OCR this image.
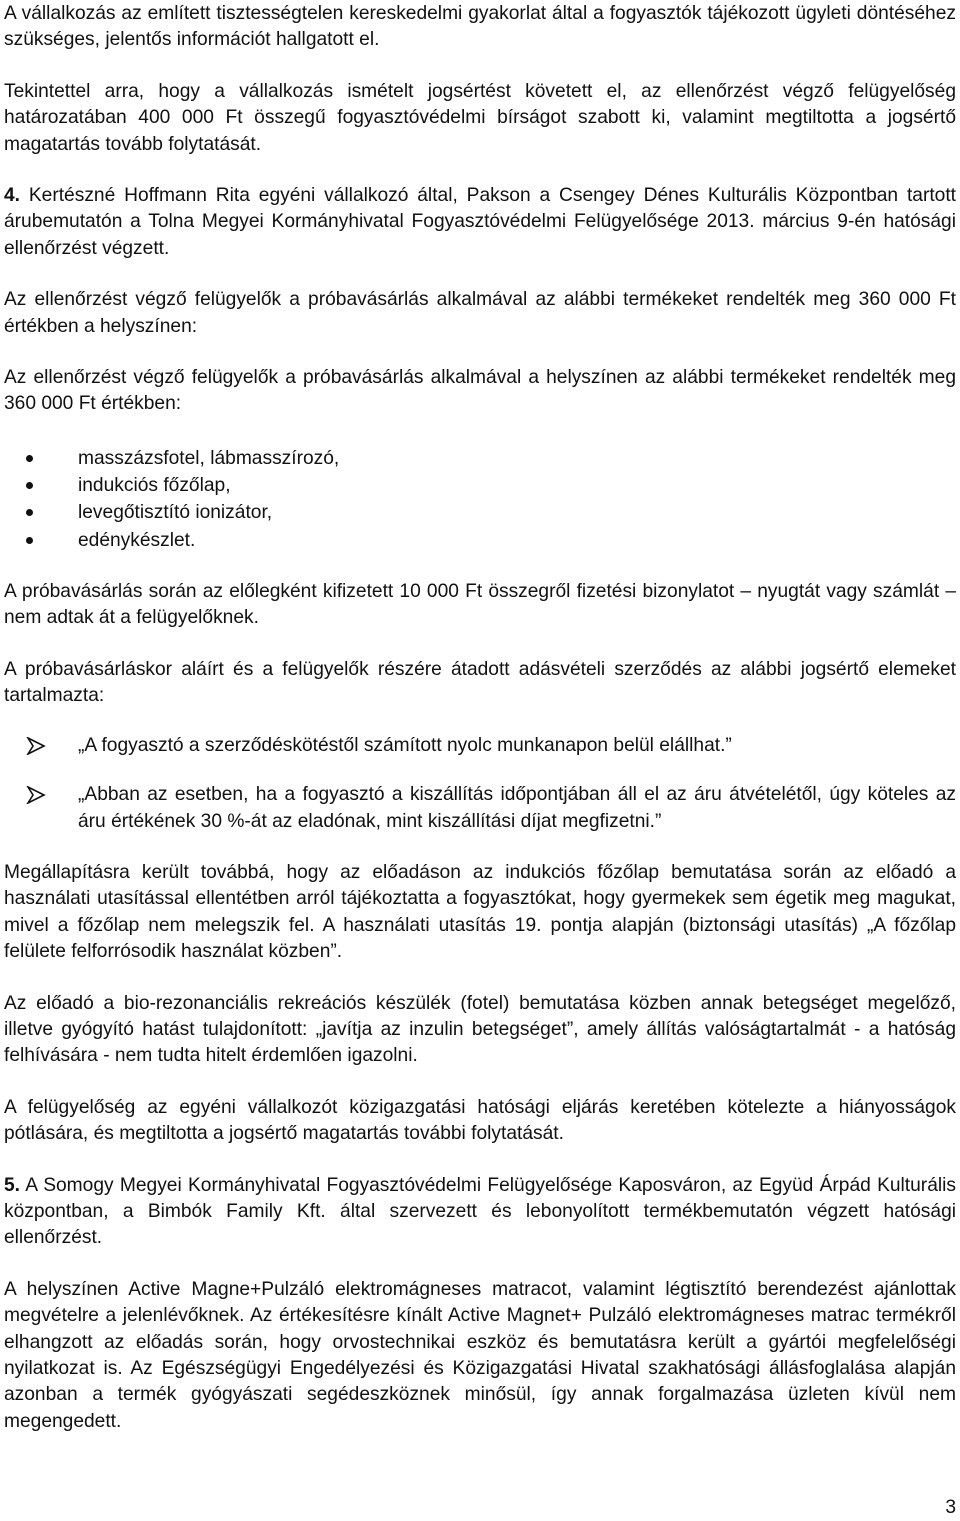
A vállalkozás az említett tisztességtelen kereskedelmi gyakorlat által a fogyasztók tájékozott ügyleti döntéséhez szükséges, jelentős információt hallgatott el.

Tekintettel arra, hogy a vállalkozás ismételt jogsértést követett el, az ellenőrzést végző felügyelőség határozatában 400 000 Ft összegű fogyasztóvédelmi bírságot szabott ki, valamint megtiltotta a jogsértő magatartás tovább folytatását.

4. Kertészné Hoffmann Rita egyéni vállalkozó által, Pakson a Csengey Dénes Kulturális Központban tartott árubemutatón a Tolna Megyei Kormányhivatal Fogyasztóvédelmi Felügyelősége 2013. március 9-én hatósági ellenőrzést végzett.

Az ellenőrzést végző felügyelők a próbavásárlás alkalmával az alábbi termékeket rendelték meg 360 000 Ft értékben a helyszínen:

Az ellenőrzést végző felügyelők a próbavásárlás alkalmával a helyszínen az alábbi termékeket rendelték meg 360 000 Ft értékben:

masszázsfotel, lábmasszírozó,
indukciós főzőlap,
levegőtisztító ionizátor,
edénykészlet.

A próbavásárlás során az előlegként kifizetett 10 000 Ft összegről fizetési bizonylatot – nyugtát vagy számlát – nem adtak át a felügyelőknek.

A próbavásárláskor aláírt és a felügyelők részére átadott adásvételi szerződés az alábbi jogsértő elemeket tartalmazta:

„A fogyasztó a szerződéskötéstől számított nyolc munkanapon belül elállhat.”
„Abban az esetben, ha a fogyasztó a kiszállítás időpontjában áll el az áru átvételétől, úgy köteles az áru értékének 30 %-át az eladónak, mint kiszállítási díjat megfizetni.”

Megállapításra került továbbá, hogy az előadáson az indukciós főzőlap bemutatása során az előadó a használati utasítással ellentétben arról tájékoztatta a fogyasztókat, hogy gyermekek sem égetik meg magukat, mivel a főzőlap nem melegszik fel. A használati utasítás 19. pontja alapján (biztonsági utasítás) „A főzőlap felülete felforrósodik használat közben”.

Az előadó a bio-rezonanciális rekreációs készülék (fotel) bemutatása közben annak betegséget megelőző, illetve gyógyító hatást tulajdonított: „javítja az inzulin betegséget”, amely állítás valóságtartalmát - a hatóság felhívására - nem tudta hitelt érdemlően igazolni.

A felügyelőség az egyéni vállalkozót közigazgatási hatósági eljárás keretében kötelezte a hiányosságok pótlására, és megtiltotta a jogsértő magatartás további folytatását.

5. A Somogy Megyei Kormányhivatal Fogyasztóvédelmi Felügyelősége Kaposváron, az Együd Árpád Kulturális központban, a Bimbók Family Kft. által szervezett és lebonyolított termékbemutatón végzett hatósági ellenőrzést.

A helyszínen Active Magne+Pulzáló elektromágneses matracot, valamint légtisztító berendezést ajánlottak megvételre a jelenlévőknek. Az értékesítésre kínált Active Magnet+ Pulzáló elektromágneses matrac termékről elhangzott az előadás során, hogy orvostechnikai eszköz és bemutatásra került a gyártói megfelelőségi nyilatkozat is. Az Egészségügyi Engedélyezési és Közigazgatási Hivatal szakhatósági állásfoglalása alapján azonban a termék gyógyászati segédeszköznek minősül, így annak forgalmazása üzleten kívül nem megengedett.

3
